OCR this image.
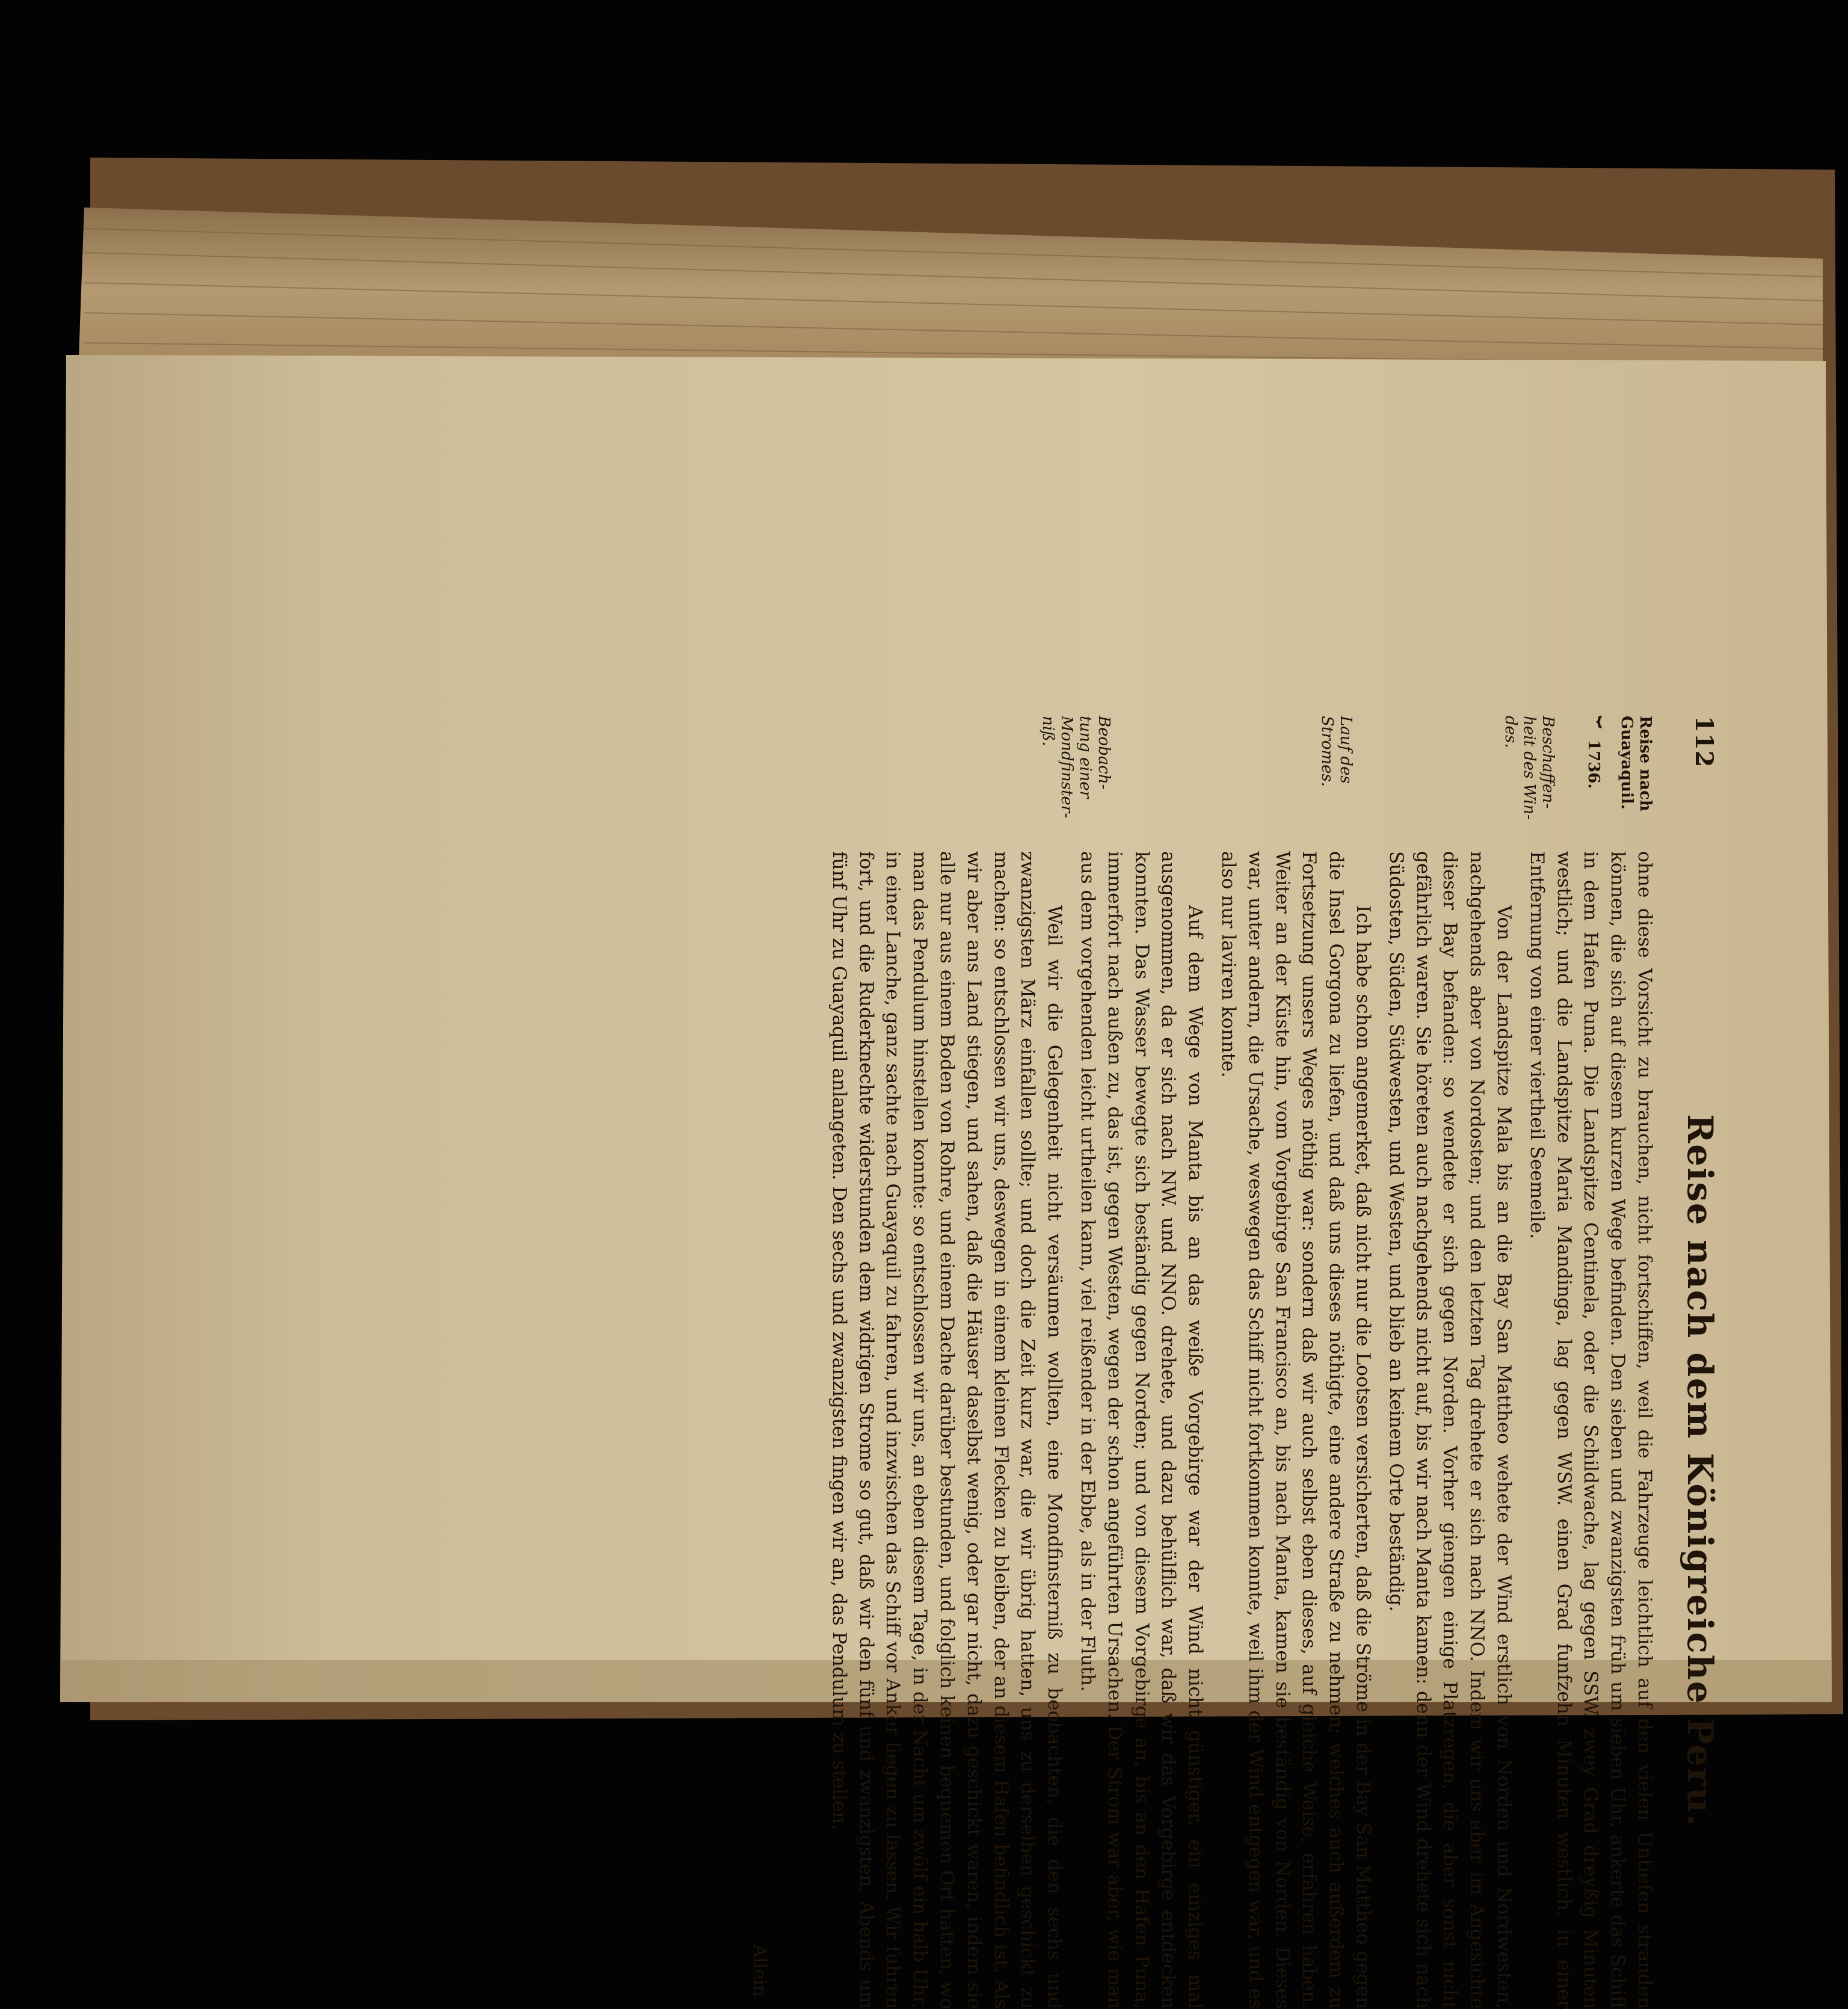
112
Reise nach dem Königreiche Peru.
Reise nach
Guayaquil.
⏟
1736.
Beschaffen-
heit des Win-
des.
Lauf des
Stromes.
Beobach-
tung einer
Mondfinster-
niß.

ohne diese Vorsicht zu brauchen, nicht fortschiffen, weil die Fahrzeuge leichtlich auf den vielen Untiefen stranden können, die sich auf diesem kurzen Wege befinden. Den sieben und zwanzigsten früh um sieben Uhr, ankerte das Schiff in dem Hafen Puna. Die Landspitze Centinela, oder die Schildwache, lag gegen SSW. zwey Grad dreyßig Minuten westlich; und die Landspitze Maria Mandinga, lag gegen WSW. einen Grad funfzehn Minuten westlich, in einer Entfernung von einer viertheil Seemeile.

Von der Landspitze Mala bis an die Bay San Mattheo wehete der Wind erstlich von Norden und Nordwesten, nachgehends aber von Nordosten; und den letzten Tag drehete er sich nach NNO. Indem wir uns aber im Angesichte dieser Bay befanden: so wendete er sich gegen Norden. Vorher giengen einige Platzregen, die aber sonst nicht gefährlich waren. Sie höreten auch nachgehends nicht auf, bis wir nach Manta kamen: denn der Wind drehete sich nach Südosten, Süden, Südwesten, und Westen, und blieb an keinem Orte beständig.

Ich habe schon angemerket, daß nicht nur die Lootsen versicherten, daß die Ströme in der Bay San Mattheo gegen die Insel Gorgona zu liefen, und daß uns dieses nöthigte, eine andere Straße zu nehmen; welches auch außerdem zu Fortsetzung unsers Weges nöthig war: sondern daß wir auch selbst eben dieses, auf gleiche Weise, erfahren haben. Weiter an der Küste hin, vom Vorgebirge San Francisco an, bis nach Manta, kamen sie beständig von Norden. Dieses war, unter andern, die Ursache, weswegen das Schiff nicht fortkommen konnte, weil ihm der Wind entgegen war, und es also nur laviren konnte.

Auf dem Wege von Manta bis an das weiße Vorgebirge war der Wind nicht günstiger, ein einziges mal ausgenommen, da er sich nach NW. und NNO. drehete, und dazu behülflich war, daß wir das Vorgebirge entdecken konnten. Das Wasser bewegte sich beständig gegen Norden; und von diesem Vorgebirge an, bis an den Hafen Puna, immerfort nach außen zu, das ist, gegen Westen, wegen der schon angeführten Ursachen. Der Strom war aber, wie man aus dem vorgehenden leicht urtheilen kann, viel reißender in der Ebbe, als in der Fluth.

Weil wir die Gelegenheit nicht versäumen wollten, eine Mondfinsterniß zu beobachten, die den sechs und zwanzigsten März einfallen sollte; und doch die Zeit kurz war, die wir übrig hatten, uns zu derselben geschickt zu machen: so entschlossen wir uns, deswegen in einem kleinen Flecken zu bleiben, der an diesem Hafen befindlich ist. Als wir aber ans Land stiegen, und sahen, daß die Häuser daselbst wenig, oder gar nicht, dazu geschickt waren, indem sie alle nur aus einem Boden von Rohre, und einem Dache darüber bestunden, und folglich keinen bequemen Ort hatten, wo man das Pendulum hinstellen konnte: so entschlossen wir uns, an eben diesem Tage, in der Nacht um zwölf ein halb Uhr, in einer Lanche, ganz sachte nach Guayaquil zu fahren, und inzwischen das Schiff vor Anker liegen zu lassen. Wir fuhren fort, und die Ruderknechte widerstunden dem widrigen Strome so gut, daß wir den fünf und zwanzigsten, Abends um fünf Uhr zu Guayaquil anlangeten. Den sechs und zwanzigsten fingen wir an, das Pendulum zu stellen.

Allein
